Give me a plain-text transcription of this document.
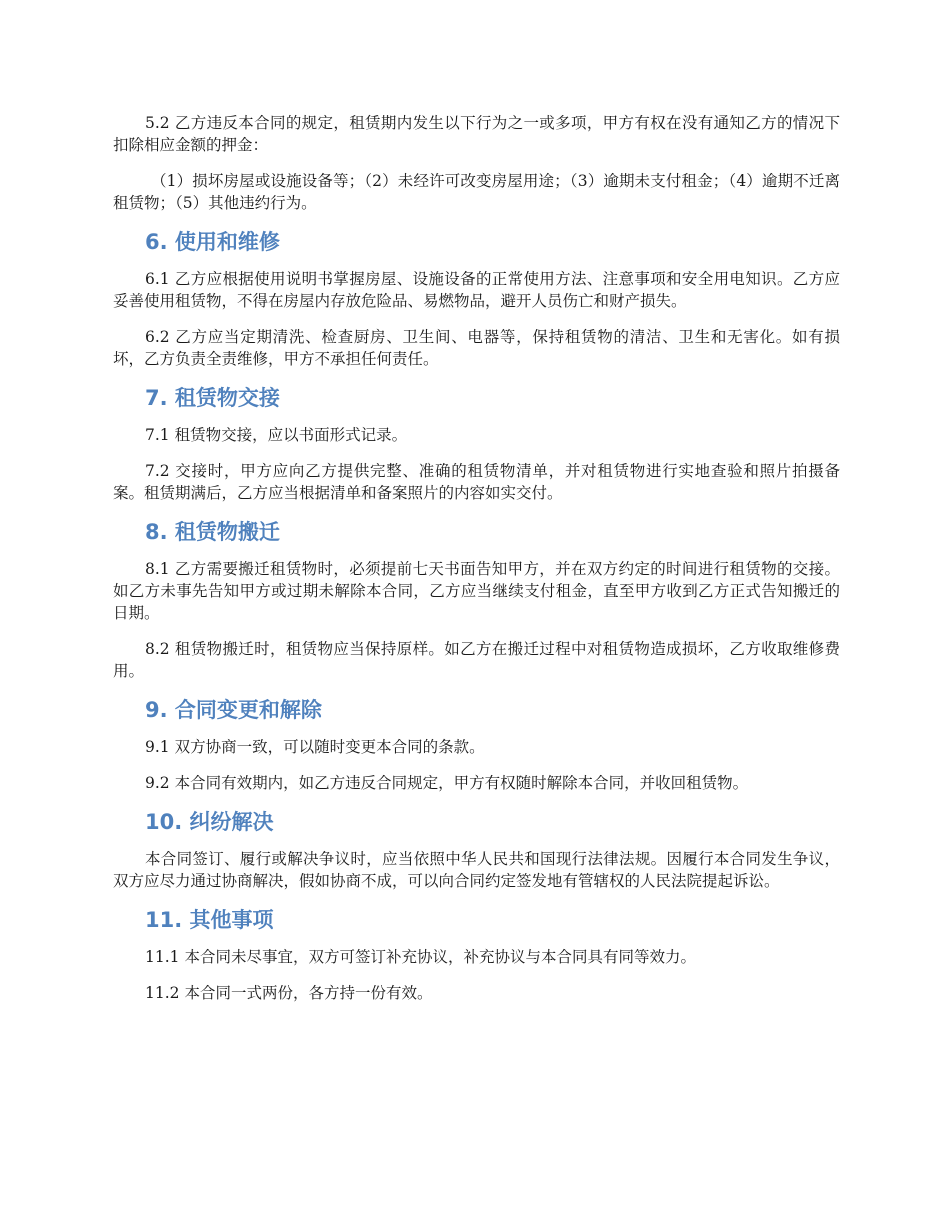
5.2 乙方违反本合同的规定，租赁期内发生以下行为之一或多项，甲方有权在没有通知乙方的情况下扣除相应金额的押金：

（1）损坏房屋或设施设备等；（2）未经许可改变房屋用途；（3）逾期未支付租金；（4）逾期不迁离租赁物；（5）其他违约行为。

6. 使用和维修

6.1 乙方应根据使用说明书掌握房屋、设施设备的正常使用方法、注意事项和安全用电知识。乙方应妥善使用租赁物，不得在房屋内存放危险品、易燃物品，避开人员伤亡和财产损失。

6.2 乙方应当定期清洗、检查厨房、卫生间、电器等，保持租赁物的清洁、卫生和无害化。如有损坏，乙方负责全责维修，甲方不承担任何责任。

7. 租赁物交接

7.1 租赁物交接，应以书面形式记录。

7.2 交接时，甲方应向乙方提供完整、准确的租赁物清单，并对租赁物进行实地查验和照片拍摄备案。租赁期满后，乙方应当根据清单和备案照片的内容如实交付。

8. 租赁物搬迁

8.1 乙方需要搬迁租赁物时，必须提前七天书面告知甲方，并在双方约定的时间进行租赁物的交接。如乙方未事先告知甲方或过期未解除本合同，乙方应当继续支付租金，直至甲方收到乙方正式告知搬迁的日期。

8.2 租赁物搬迁时，租赁物应当保持原样。如乙方在搬迁过程中对租赁物造成损坏，乙方收取维修费用。

9. 合同变更和解除

9.1 双方协商一致，可以随时变更本合同的条款。

9.2 本合同有效期内，如乙方违反合同规定，甲方有权随时解除本合同，并收回租赁物。

10. 纠纷解决

本合同签订、履行或解决争议时，应当依照中华人民共和国现行法律法规。因履行本合同发生争议，双方应尽力通过协商解决，假如协商不成，可以向合同约定签发地有管辖权的人民法院提起诉讼。

11. 其他事项

11.1 本合同未尽事宜，双方可签订补充协议，补充协议与本合同具有同等效力。

11.2 本合同一式两份，各方持一份有效。
